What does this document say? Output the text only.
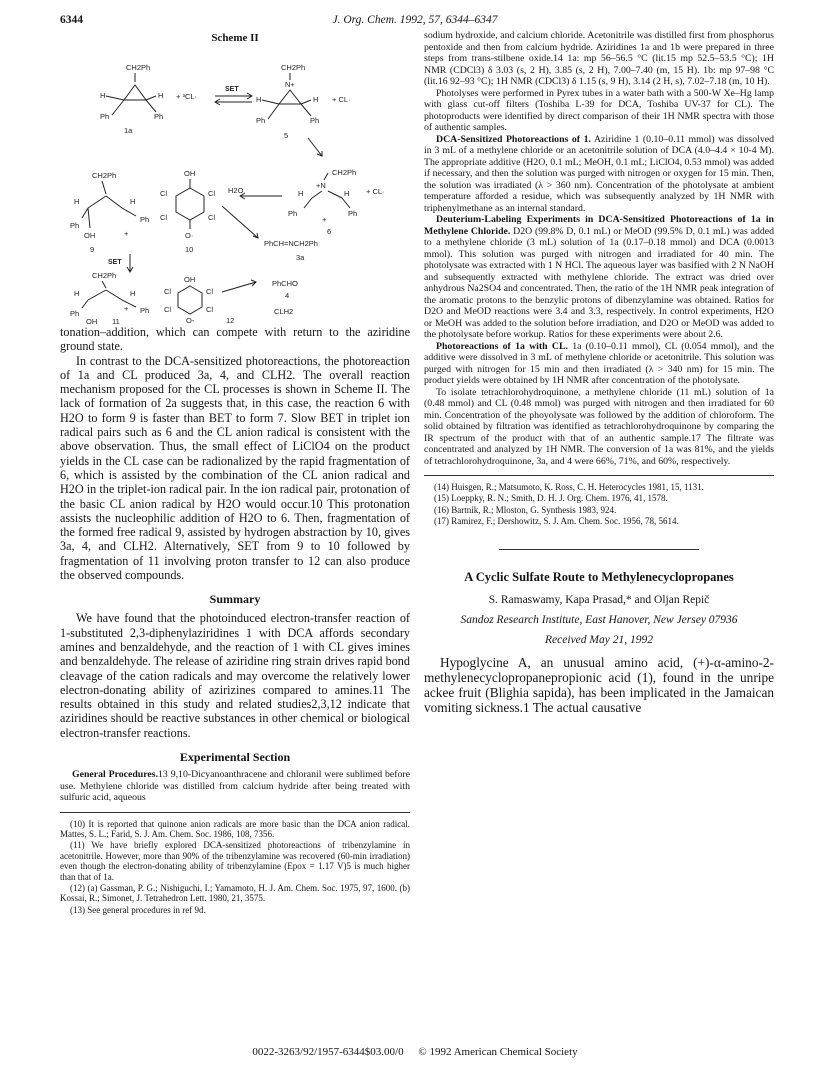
6344	J. Org. Chem. 1992, 57, 6344–6347
Scheme II
CH2Ph
H	H
Ph	Ph
1a
+ ³CL·
SET
CH2Ph
N+
H	H
Ph	Ph
5
+ CL·
CH2Ph
+N
H	H
Ph	Ph
+
6
+ CL·
H2O
CH2Ph
H	H
Ph
Ph
OH	+
9
OH
Cl	Cl
Cl	Cl
O·
10
PhCH=NCH2Ph
3a
PhCHO
4
CLH2
SET
CH2Ph
H	H
Ph	Ph
+
OH 11
OH
Cl	Cl
Cl	Cl
O-	12

tonation–addition, which can compete with return to the aziridine ground state.

In contrast to the DCA-sensitized photoreactions, the photoreaction of 1a and CL produced 3a, 4, and CLH2. The overall reaction mechanism proposed for the CL processes is shown in Scheme II. The lack of formation of 2a suggests that, in this case, the reaction 6 with H2O to form 9 is faster than BET to form 7. Slow BET in triplet ion radical pairs such as 6 and the CL anion radical is consistent with the above observation. Thus, the small effect of LiClO4 on the product yields in the CL case can be radionalized by the rapid fragmentation of 6, which is assisted by the combination of the CL anion radical and H2O in the triplet-ion radical pair. In the ion radical pair, protonation of the basic CL anion radical by H2O would occur.10 This protonation assists the nucleophilic addition of H2O to 6. Then, fragmentation of the formed free radical 9, assisted by hydrogen abstraction by 10, gives 3a, 4, and CLH2. Alternatively, SET from 9 to 10 followed by fragmentation of 11 involving proton transfer to 12 can also produce the observed compounds.

Summary

We have found that the photoinduced electron-transfer reaction of 1-substituted 2,3-diphenylaziridines 1 with DCA affords secondary amines and benzaldehyde, and the reaction of 1 with CL gives imines and benzaldehyde. The release of aziridine ring strain drives rapid bond cleavage of the cation radicals and may overcome the relatively lower electron-donating ability of azirizines compared to amines.11 The results obtained in this study and related studies2,3,12 indicate that aziridines should be reactive substances in other chemical or biological electron-transfer reactions.

Experimental Section

General Procedures.13 9,10-Dicyanoanthracene and chloranil were sublimed before use. Methylene chloride was distilled from calcium hydride after being treated with sulfuric acid, aqueous

(10) It is reported that quinone anion radicals are more basic than the DCA anion radical. Mattes, S. L.; Farid, S. J. Am. Chem. Soc. 1986, 108, 7356.

(11) We have briefly explored DCA-sensitized photoreactions of tribenzylamine in acetonitrile. However, more than 90% of the tribenzylamine was recovered (60-min irradiation) even though the electron-donating ability of tribenzylamine (Epox = 1.17 V)5 is much higher than that of 1a.

(12) (a) Gassman, P. G.; Nishiguchi, I.; Yamamoto, H. J. Am. Chem. Soc. 1975, 97, 1600. (b) Kossai, R.; Simonet, J. Tetrahedron Lett. 1980, 21, 3575.

(13) See general procedures in ref 9d.

sodium hydroxide, and calcium chloride. Acetonitrile was distilled first from phosphorus pentoxide and then from calcium hydride. Aziridines 1a and 1b were prepared in three steps from trans-stilbene oxide.14 1a: mp 56–56.5 °C (lit.15 mp 52.5–53.5 °C); 1H NMR (CDCl3) δ 3.03 (s, 2 H), 3.85 (s, 2 H), 7.00–7.40 (m, 15 H). 1b: mp 97–98 °C (lit.16 92–93 °C); 1H NMR (CDCl3) δ 1.15 (s, 9 H), 3.14 (2 H, s), 7.02–7.18 (m, 10 H).

Photolyses were performed in Pyrex tubes in a water bath with a 500-W Xe–Hg lamp with glass cut-off filters (Toshiba L-39 for DCA, Toshiba UV-37 for CL). The photoproducts were identified by direct comparison of their 1H NMR spectra with those of authentic samples.

DCA-Sensitized Photoreactions of 1. Aziridine 1 (0.10–0.11 mmol) was dissolved in 3 mL of a methylene chloride or an acetonitrile solution of DCA (4.0–4.4 × 10-4 M). The appropriate additive (H2O, 0.1 mL; MeOH, 0.1 mL; LiClO4, 0.53 mmol) was added if necessary, and then the solution was purged with nitrogen or oxygen for 15 min. Then, the solution was irradiated (λ > 360 nm). Concentration of the photolysate at ambient temperature afforded a residue, which was subsequently analyzed by 1H NMR with triphenylmethane as an internal standard.

Deuterium-Labeling Experiments in DCA-Sensitized Photoreactions of 1a in Methylene Chloride. D2O (99.8% D, 0.1 mL) or MeOD (99.5% D, 0.1 mL) was added to a methylene chloride (3 mL) solution of 1a (0.17–0.18 mmol) and DCA (0.0013 mmol). This solution was purged with nitrogen and irradiated for 40 min. The photolysate was extracted with 1 N HCl. The aqueous layer was basified with 2 N NaOH and subsequently extracted with methylene chloride. The extract was dried over anhydrous Na2SO4 and concentrated. Then, the ratio of the 1H NMR peak integration of the aromatic protons to the benzylic protons of dibenzylamine was obtained. Ratios for D2O and MeOD reactions were 3.4 and 3.3, respectively. In control experiments, H2O or MeOH was added to the solution before irradiation, and D2O or MeOD was added to the photolysate before workup. Ratios for these experiments were about 2.6.

Photoreactions of 1a with CL. 1a (0.10–0.11 mmol), CL (0.054 mmol), and the additive were dissolved in 3 mL of methylene chloride or acetonitrile. This solution was purged with nitrogen for 15 min and then irradiated (λ > 340 nm) for 15 min. The product yields were obtained by 1H NMR after concentration of the photolysate.

To isolate tetrachlorohydroquinone, a methylene chloride (11 mL) solution of 1a (0.48 mmol) and CL (0.48 mmol) was purged with nitrogen and then irradiated for 60 min. Concentration of the phoyolysate was followed by the addition of chloroform. The solid obtained by filtration was identified as tetrachlorohydroquinone by comparing the IR spectrum of the product with that of an authentic sample.17 The filtrate was concentrated and analyzed by 1H NMR. The conversion of 1a was 81%, and the yields of tetrachlorohydroquinone, 3a, and 4 were 66%, 71%, and 60%, respectively.

(14) Huisgen, R.; Matsumoto, K. Ross, C. H. Heterocycles 1981, 15, 1131.

(15) Loeppky, R. N.; Smith, D. H. J. Org. Chem. 1976, 41, 1578.

(16) Bartnik, R.; Mloston, G. Synthesis 1983, 924.

(17) Ramirez, F.; Dershowitz, S. J. Am. Chem. Soc. 1956, 78, 5614.

A Cyclic Sulfate Route to Methylenecyclopropanes
S. Ramaswamy, Kapa Prasad,* and Oljan Repič
Sandoz Research Institute, East Hanover, New Jersey 07936
Received May 21, 1992

Hypoglycine A, an unusual amino acid, (+)-α-amino-2-methylenecyclopropanepropionic acid (1), found in the unripe ackee fruit (Blighia sapida), has been implicated in the Jamaican vomiting sickness.1 The actual causative

0022-3263/92/1957-6344$03.00/0 © 1992 American Chemical Society
